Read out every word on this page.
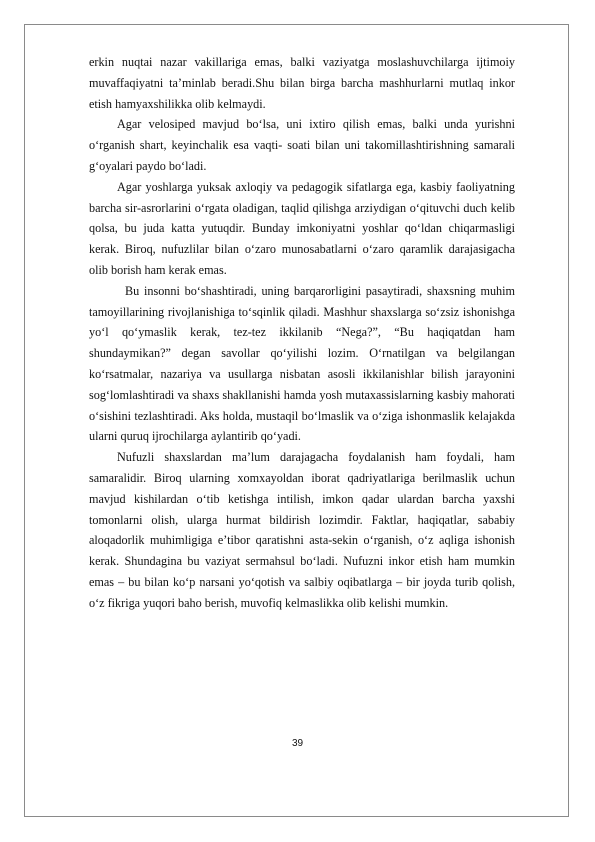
erkin nuqtai nazar vakillariga emas, balki vaziyatga moslashuvchilarga ijtimoiy muvaffaqiyatni ta’minlab beradi.Shu bilan birga barcha mashhurlarni mutlaq inkor etish hamyaxshilikka olib kelmaydi.

Agar velosiped mavjud bo‘lsa, uni ixtiro qilish emas, balki unda yurishni o‘rganish shart, keyinchalik esa vaqti- soati bilan uni takomillashtirishning samarali g‘oyalari paydo bo‘ladi.

Agar yoshlarga yuksak axloqiy va pedagogik sifatlarga ega, kasbiy faoliyatning barcha sir-asrorlarini o‘rgata oladigan, taqlid qilishga arziydigan o‘qituvchi duch kelib qolsa, bu juda katta yutuqdir. Bunday imkoniyatni yoshlar qo‘ldan chiqarmasligi kerak. Biroq, nufuzlilar bilan o‘zaro munosabatlarni o‘zaro qaramlik darajasigacha olib borish ham kerak emas.

Bu insonni bo‘shashtiradi, uning barqarorligini pasaytiradi, shaxsning muhim tamoyillarining rivojlanishiga to‘sqinlik qiladi. Mashhur shaxslarga so‘zsiz ishonishga yo‘l qo‘ymaslik kerak, tez-tez ikkilanib “Nega?”, “Bu haqiqatdan ham shundaymikan?” degan savollar qo‘yilishi lozim. O‘rnatilgan va belgilangan ko‘rsatmalar, nazariya va usullarga nisbatan asosli ikkilanishlar bilish jarayonini sog‘lomlashtiradi va shaxs shakllanishi hamda yosh mutaxassislarning kasbiy mahorati o‘sishini tezlashtiradi. Aks holda, mustaqil bo‘lmaslik va o‘ziga ishonmaslik kelajakda ularni quruq ijrochilarga aylantirib qo‘yadi.

Nufuzli shaxslardan ma’lum darajagacha foydalanish ham foydali, ham samaralidir. Biroq ularning xomxayoldan iborat qadriyatlariga berilmaslik uchun mavjud kishilardan o‘tib ketishga intilish, imkon qadar ulardan barcha yaxshi tomonlarni olish, ularga hurmat bildirish lozimdir. Faktlar, haqiqatlar, sababiy aloqadorlik muhimligiga e’tibor qaratishni asta-sekin o‘rganish, o‘z aqliga ishonish kerak. Shundagina bu vaziyat sermahsul bo‘ladi. Nufuzni inkor etish ham mumkin emas – bu bilan ko‘p narsani yo‘qotish va salbiy oqibatlarga – bir joyda turib qolish, o‘z fikriga yuqori baho berish, muvofiq kelmaslikka olib kelishi mumkin.

39
